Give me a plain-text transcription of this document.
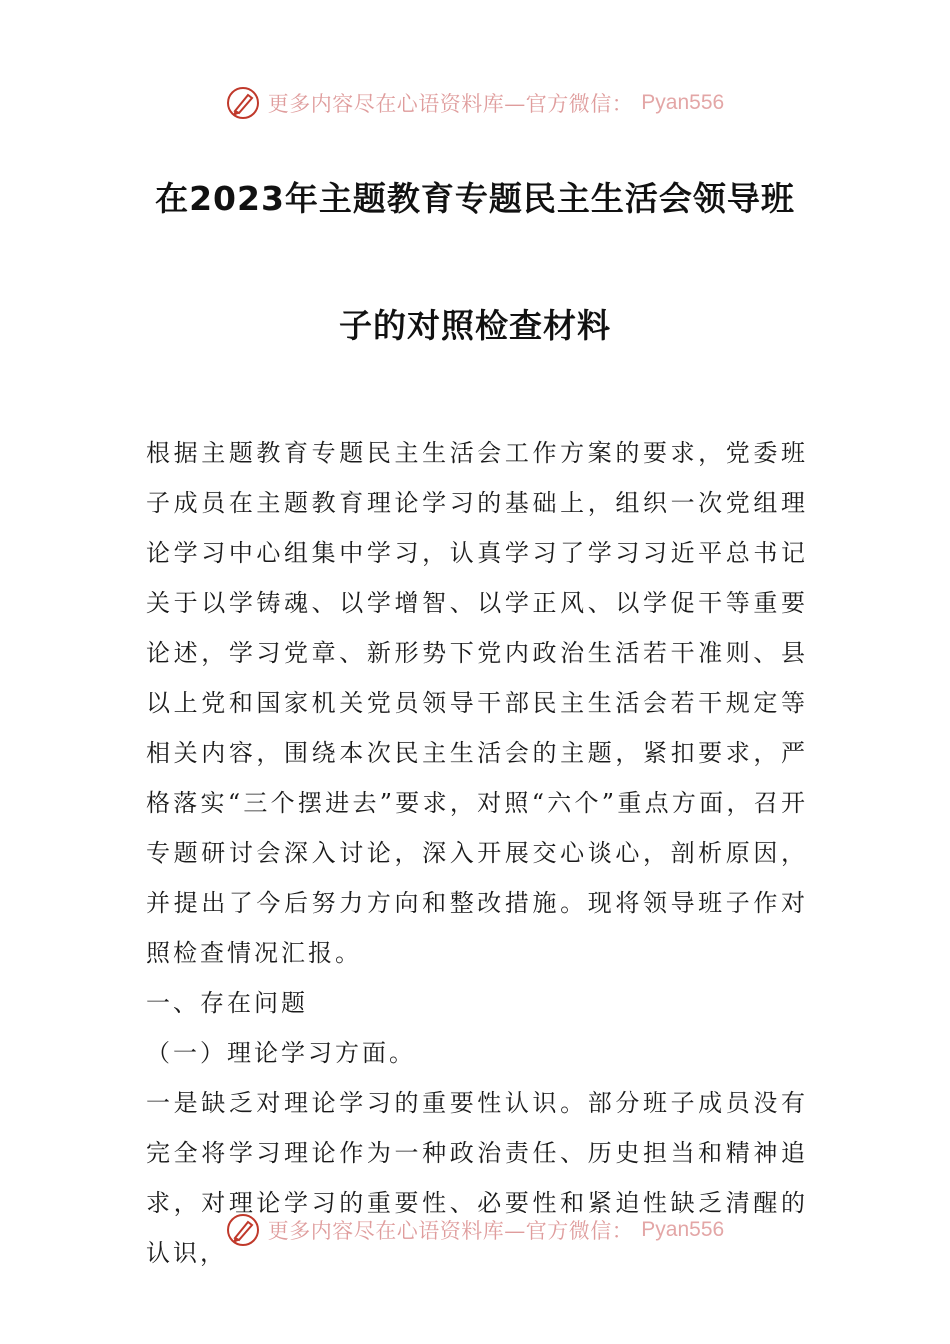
更多内容尽在心语资料库—官方微信： Pyan556
在2023年主题教育专题民主生活会领导班
子的对照检查材料

根据主题教育专题民主生活会工作方案的要求，党委班子成员在主题教育理论学习的基础上，组织一次党组理论学习中心组集中学习，认真学习了学习习近平总书记关于以学铸魂、以学增智、以学正风、以学促干等重要论述，学习党章、新形势下党内政治生活若干准则、县以上党和国家机关党员领导干部民主生活会若干规定等相关内容，围绕本次民主生活会的主题，紧扣要求，严格落实“三个摆进去”要求，对照“六个”重点方面，召开专题研讨会深入讨论，深入开展交心谈心，剖析原因，并提出了今后努力方向和整改措施。现将领导班子作对照检查情况汇报。

一、存在问题

（一）理论学习方面。

一是缺乏对理论学习的重要性认识。部分班子成员没有完全将学习理论作为一种政治责任、历史担当和精神追求，对理论学习的重要性、必要性和紧迫性缺乏清醒的认识，

更多内容尽在心语资料库—官方微信： Pyan556
